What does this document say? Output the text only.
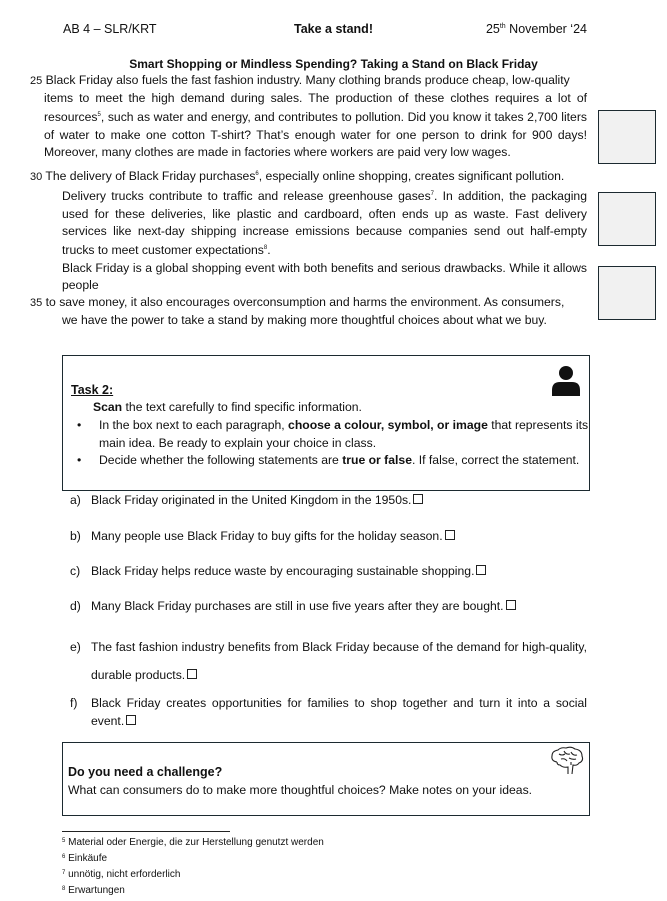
AB 4 – SLR/KRT	Take a stand!	25th November ‘24
Smart Shopping or Mindless Spending? Taking a Stand on Black Friday
25 Black Friday also fuels the fast fashion industry. Many clothing brands produce cheap, low-quality
items to meet the high demand during sales. The production of these clothes requires a lot of resources$^5$, such as water and energy, and contributes to pollution. Did you know it takes 2,700 liters of water to make one cotton T-shirt? That’s enough water for one person to drink for 900 days! Moreover, many clothes are made in factories where workers are paid very low wages.
30 The delivery of Black Friday purchases$^6$, especially online shopping, creates significant pollution.
Delivery trucks contribute to traffic and release greenhouse gases$^7$. In addition, the packaging used for these deliveries, like plastic and cardboard, often ends up as waste. Fast delivery services like next-day shipping increase emissions because companies send out half-empty trucks to meet customer expectations$^8$.
Black Friday is a global shopping event with both benefits and serious drawbacks. While it allows people
35 to save money, it also encourages overconsumption and harms the environment. As consumers,
we have the power to take a stand by making more thoughtful choices about what we buy.
Task 2:
Scan the text carefully to find specific information.
•	In the box next to each paragraph, choose a colour, symbol, or image that represents its main idea. Be ready to explain your choice in class.
•	Decide whether the following statements are true or false. If false, correct the statement.
a) Black Friday originated in the United Kingdom in the 1950s.
b) Many people use Black Friday to buy gifts for the holiday season.
c) Black Friday helps reduce waste by encouraging sustainable shopping.
d) Many Black Friday purchases are still in use five years after they are bought.
e) The fast fashion industry benefits from Black Friday because of the demand for high-quality, durable products.
f)	Black Friday creates opportunities for families to shop together and turn it into a social event.
Do you need a challenge?
What can consumers do to make more thoughtful choices? Make notes on your ideas.
$^5$ Material oder Energie, die zur Herstellung genutzt werden
$^6$ Einkäufe
$^7$ unnötig, nicht erforderlich
$^8$ Erwartungen
